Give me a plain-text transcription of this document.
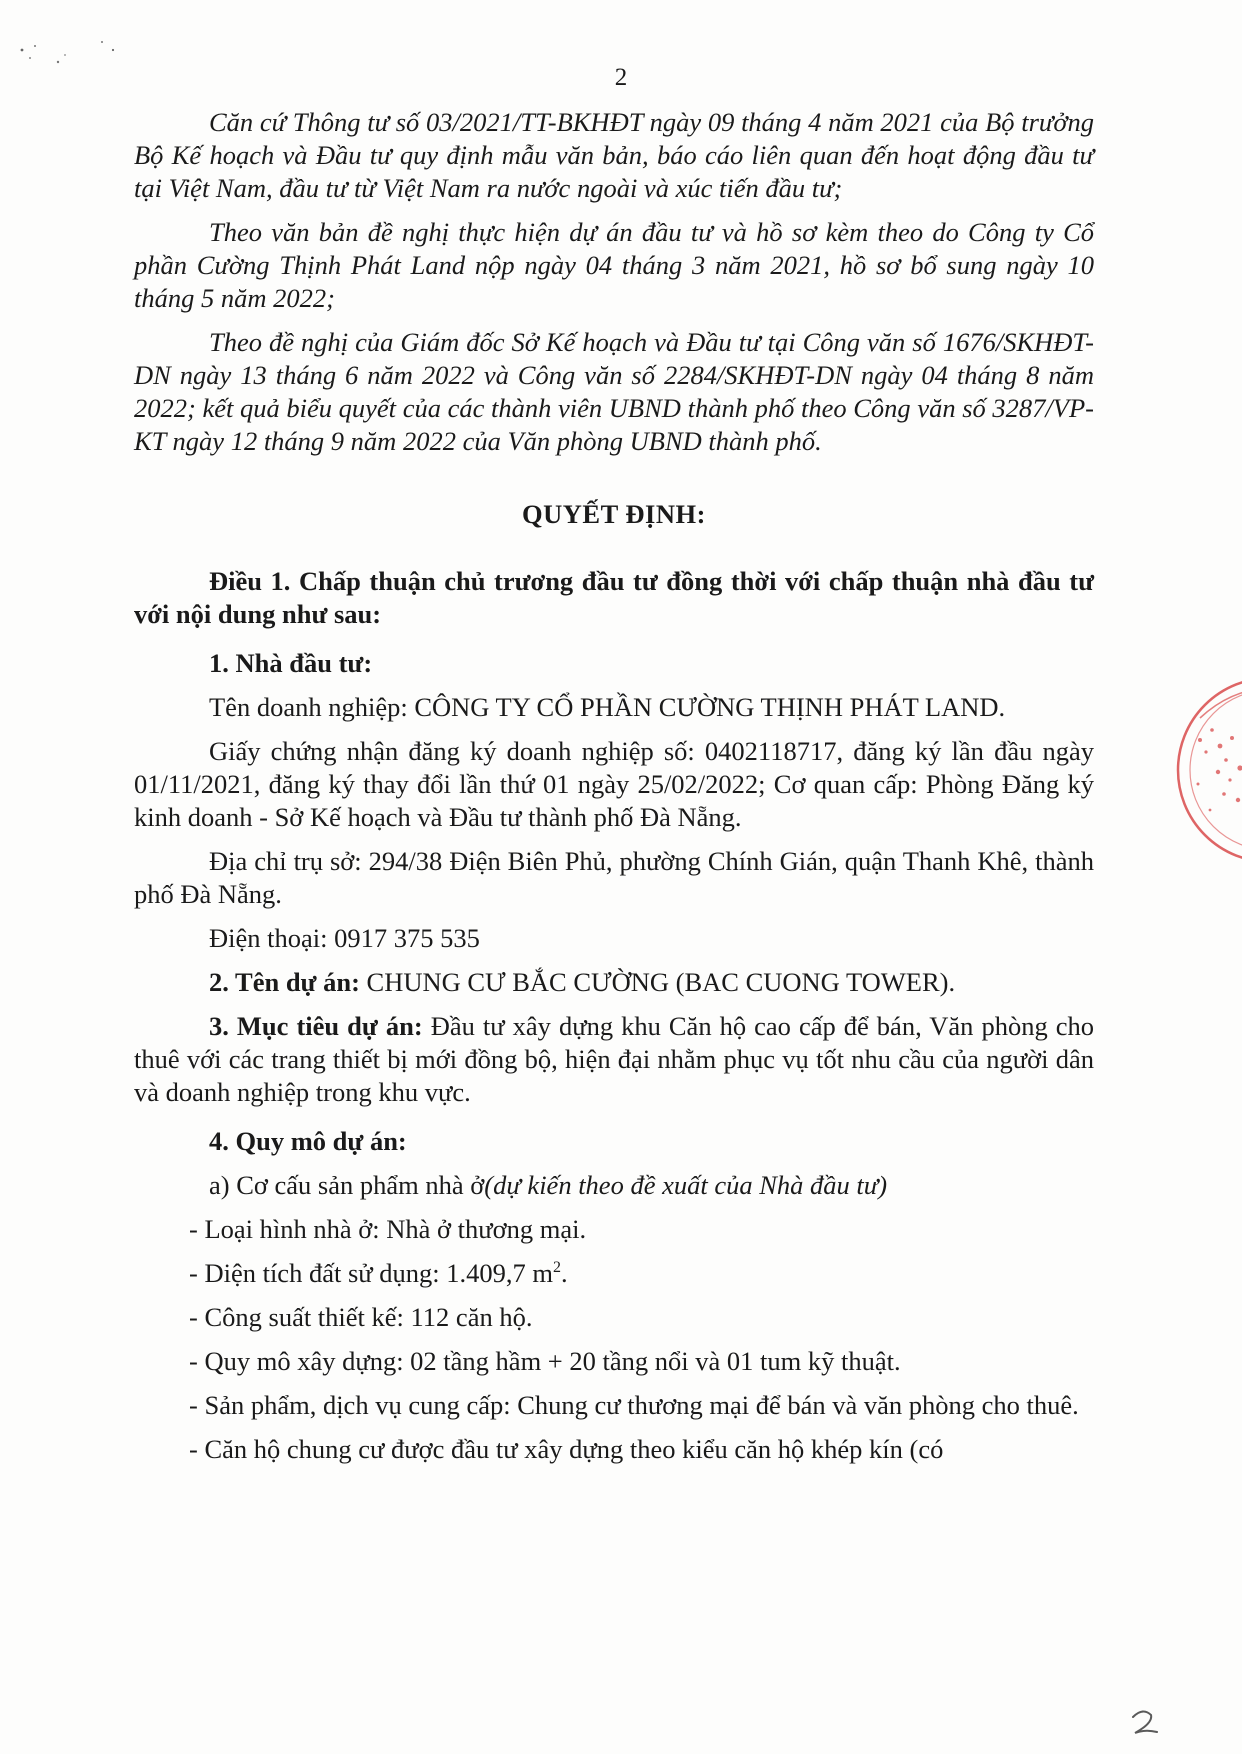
2

Căn cứ Thông tư số 03/2021/TT-BKHĐT ngày 09 tháng 4 năm 2021 của Bộ trưởng Bộ Kế hoạch và Đầu tư quy định mẫu văn bản, báo cáo liên quan đến hoạt động đầu tư tại Việt Nam, đầu tư từ Việt Nam ra nước ngoài và xúc tiến đầu tư;

Theo văn bản đề nghị thực hiện dự án đầu tư và hồ sơ kèm theo do Công ty Cổ phần Cường Thịnh Phát Land nộp ngày 04 tháng 3 năm 2021, hồ sơ bổ sung ngày 10 tháng 5 năm 2022;

Theo đề nghị của Giám đốc Sở Kế hoạch và Đầu tư tại Công văn số 1676/SKHĐT-DN ngày 13 tháng 6 năm 2022 và Công văn số 2284/SKHĐT-DN ngày 04 tháng 8 năm 2022; kết quả biểu quyết của các thành viên UBND thành phố theo Công văn số 3287/VP-KT ngày 12 tháng 9 năm 2022 của Văn phòng UBND thành phố.

QUYẾT ĐỊNH:

Điều 1. Chấp thuận chủ trương đầu tư đồng thời với chấp thuận nhà đầu tư với nội dung như sau:

1. Nhà đầu tư:

Tên doanh nghiệp: CÔNG TY CỔ PHẦN CƯỜNG THỊNH PHÁT LAND.

Giấy chứng nhận đăng ký doanh nghiệp số: 0402118717, đăng ký lần đầu ngày 01/11/2021, đăng ký thay đổi lần thứ 01 ngày 25/02/2022; Cơ quan cấp: Phòng Đăng ký kinh doanh - Sở Kế hoạch và Đầu tư thành phố Đà Nẵng.

Địa chỉ trụ sở: 294/38 Điện Biên Phủ, phường Chính Gián, quận Thanh Khê, thành phố Đà Nẵng.

Điện thoại: 0917 375 535

2. Tên dự án: CHUNG CƯ BẮC CƯỜNG (BAC CUONG TOWER).

3. Mục tiêu dự án: Đầu tư xây dựng khu Căn hộ cao cấp để bán, Văn phòng cho thuê với các trang thiết bị mới đồng bộ, hiện đại nhằm phục vụ tốt nhu cầu của người dân và doanh nghiệp trong khu vực.

4. Quy mô dự án:

a) Cơ cấu sản phẩm nhà ở(dự kiến theo đề xuất của Nhà đầu tư)

- Loại hình nhà ở: Nhà ở thương mại.

- Diện tích đất sử dụng: 1.409,7 $m^2$.

- Công suất thiết kế: 112 căn hộ.

- Quy mô xây dựng: 02 tầng hầm + 20 tầng nổi và 01 tum kỹ thuật.

- Sản phẩm, dịch vụ cung cấp: Chung cư thương mại để bán và văn phòng cho thuê.

- Căn hộ chung cư được đầu tư xây dựng theo kiểu căn hộ khép kín (có
